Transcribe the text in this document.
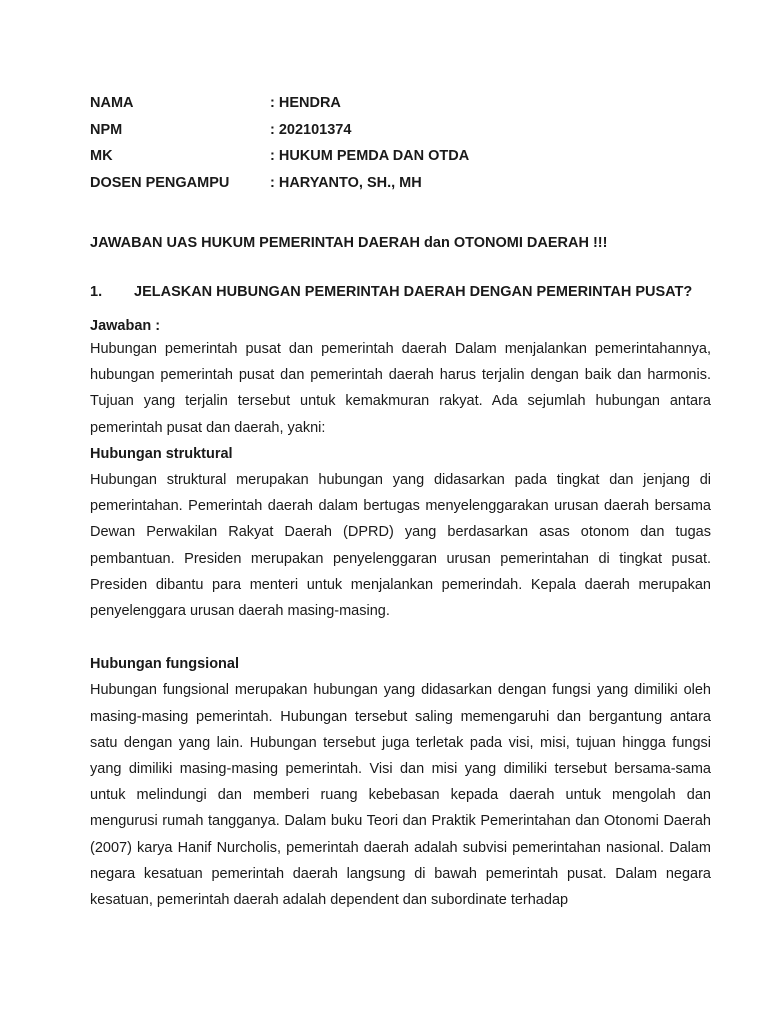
NAMA	: HENDRA
NPM	: 202101374
MK	: HUKUM PEMDA DAN OTDA
DOSEN PENGAMPU	: HARYANTO, SH., MH
JAWABAN UAS HUKUM PEMERINTAH DAERAH dan OTONOMI DAERAH !!!
1.	JELASKAN HUBUNGAN PEMERINTAH DAERAH DENGAN PEMERINTAH PUSAT?

Jawaban :

Hubungan pemerintah pusat dan pemerintah daerah Dalam menjalankan pemerintahannya, hubungan pemerintah pusat dan pemerintah daerah harus terjalin dengan baik dan harmonis. Tujuan yang terjalin tersebut untuk kemakmuran rakyat. Ada sejumlah hubungan antara pemerintah pusat dan daerah, yakni:

Hubungan struktural

Hubungan struktural merupakan hubungan yang didasarkan pada tingkat dan jenjang di pemerintahan. Pemerintah daerah dalam bertugas menyelenggarakan urusan daerah bersama Dewan Perwakilan Rakyat Daerah (DPRD) yang berdasarkan asas otonom dan tugas pembantuan. Presiden merupakan penyelenggaran urusan pemerintahan di tingkat pusat. Presiden dibantu para menteri untuk menjalankan pemerindah. Kepala daerah merupakan penyelenggara urusan daerah masing-masing.

Hubungan fungsional

Hubungan fungsional merupakan hubungan yang didasarkan dengan fungsi yang dimiliki oleh masing-masing pemerintah. Hubungan tersebut saling memengaruhi dan bergantung antara satu dengan yang lain. Hubungan tersebut juga terletak pada visi, misi, tujuan hingga fungsi yang dimiliki masing-masing pemerintah. Visi dan misi yang dimiliki tersebut bersama-sama untuk melindungi dan memberi ruang kebebasan kepada daerah untuk mengolah dan mengurusi rumah tangganya. Dalam buku Teori dan Praktik Pemerintahan dan Otonomi Daerah (2007) karya Hanif Nurcholis, pemerintah daerah adalah subvisi pemerintahan nasional. Dalam negara kesatuan pemerintah daerah langsung di bawah pemerintah pusat. Dalam negara kesatuan, pemerintah daerah adalah dependent dan subordinate terhadap
